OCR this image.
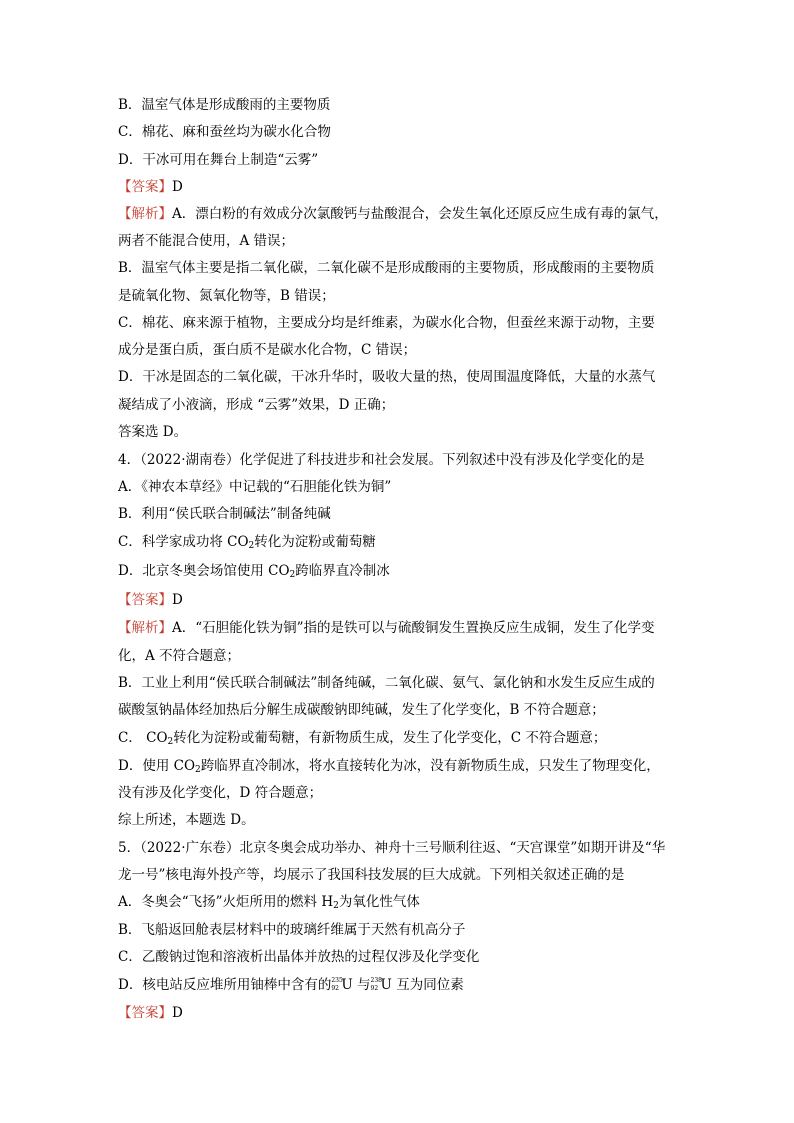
B．温室气体是形成酸雨的主要物质
C．棉花、麻和蚕丝均为碳水化合物
D．干冰可用在舞台上制造“云雾”
【答案】D
【解析】A．漂白粉的有效成分次氯酸钙与盐酸混合，会发生氧化还原反应生成有毒的氯气，
两者不能混合使用，A 错误；
B．温室气体主要是指二氧化碳，二氧化碳不是形成酸雨的主要物质，形成酸雨的主要物质
是硫氧化物、氮氧化物等，B 错误；
C．棉花、麻来源于植物，主要成分均是纤维素，为碳水化合物，但蚕丝来源于动物，主要
成分是蛋白质，蛋白质不是碳水化合物，C 错误；
D．干冰是固态的二氧化碳，干冰升华时，吸收大量的热，使周围温度降低，大量的水蒸气
凝结成了小液滴，形成 “云雾”效果，D 正确；
答案选 D。
4．（2022·湖南卷）化学促进了科技进步和社会发展。下列叙述中没有涉及化学变化的是
A．《神农本草经》中记载的“石胆能化铁为铜”
B．利用“侯氏联合制碱法”制备纯碱
C．科学家成功将 $CO_2$转化为淀粉或葡萄糖
D．北京冬奥会场馆使用 $CO_2$跨临界直冷制冰
【答案】D
【解析】A．“石胆能化铁为铜”指的是铁可以与硫酸铜发生置换反应生成铜，发生了化学变
化，A 不符合题意；
B．工业上利用“侯氏联合制碱法”制备纯碱，二氧化碳、氨气、氯化钠和水发生反应生成的
碳酸氢钠晶体经加热后分解生成碳酸钠即纯碱，发生了化学变化，B 不符合题意；
C． $CO_2$转化为淀粉或葡萄糖，有新物质生成，发生了化学变化，C 不符合题意；
D．使用 $CO_2$跨临界直冷制冰，将水直接转化为冰，没有新物质生成，只发生了物理变化，
没有涉及化学变化，D 符合题意；
综上所述，本题选 D。
5．（2022·广东卷）北京冬奥会成功举办、神舟十三号顺利往返、“天宫课堂”如期开讲及“华
龙一号”核电海外投产等，均展示了我国科技发展的巨大成就。下列相关叙述正确的是
A．冬奥会“飞扬”火炬所用的燃料 $H_2$为氧化性气体
B．飞船返回舱表层材料中的玻璃纤维属于天然有机高分子
C．乙酸钠过饱和溶液析出晶体并放热的过程仅涉及化学变化
D．核电站反应堆所用铀棒中含有的 235
92 U 与 238
92 U 互为同位素
【答案】D
